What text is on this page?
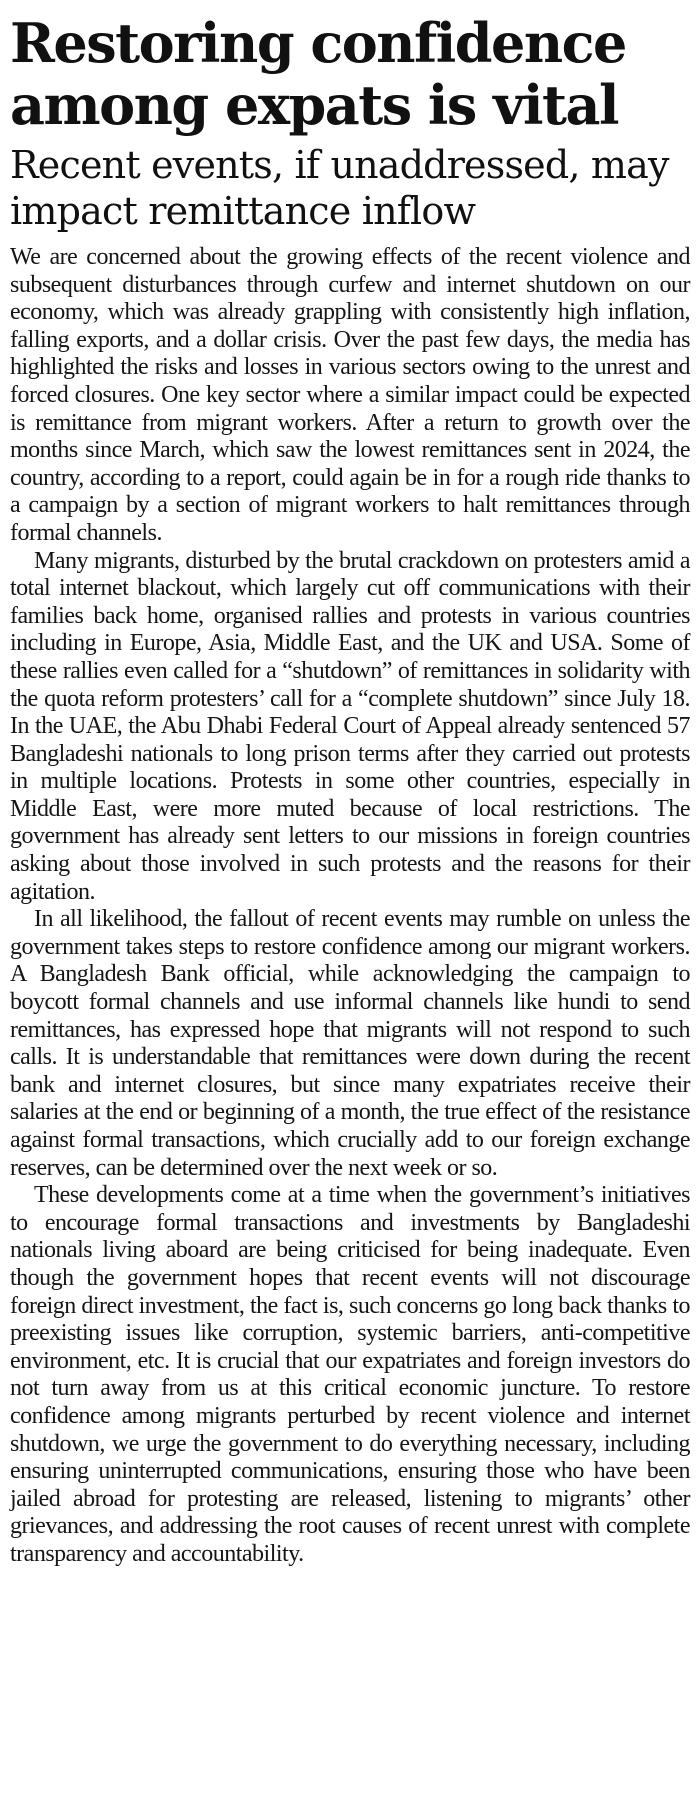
Restoring confidence
among expats is vital
Recent events, if unaddressed, may
impact remittance inflow

We are concerned about the growing effects of the recent violence and subsequent disturbances through curfew and internet shutdown on our economy, which was already grappling with consistently high inflation, falling exports, and a dollar crisis. Over the past few days, the media has highlighted the risks and losses in various sectors owing to the unrest and forced closures. One key sector where a similar impact could be expected is remittance from migrant workers. After a return to growth over the months since March, which saw the lowest remittances sent in 2024, the country, according to a report, could again be in for a rough ride thanks to a campaign by a section of migrant workers to halt remittances through formal channels.

Many migrants, disturbed by the brutal crackdown on protesters amid a total internet blackout, which largely cut off communications with their families back home, organised rallies and protests in various countries including in Europe, Asia, Middle East, and the UK and USA. Some of these rallies even called for a “shutdown” of remittances in solidarity with the quota reform protesters’ call for a “complete shutdown” since July 18. In the UAE, the Abu Dhabi Federal Court of Appeal already sentenced 57 Bangladeshi nationals to long prison terms after they carried out protests in multiple locations. Protests in some other countries, especially in Middle East, were more muted because of local restrictions. The government has already sent letters to our missions in foreign countries asking about those involved in such protests and the reasons for their agitation.

In all likelihood, the fallout of recent events may rumble on unless the government takes steps to restore confidence among our migrant workers. A Bangladesh Bank official, while acknowledging the campaign to boycott formal channels and use informal channels like hundi to send remittances, has expressed hope that migrants will not respond to such calls. It is understandable that remittances were down during the recent bank and internet closures, but since many expatriates receive their salaries at the end or beginning of a month, the true effect of the resistance against formal transactions, which crucially add to our foreign exchange reserves, can be determined over the next week or so.

These developments come at a time when the government’s initiatives to encourage formal transactions and investments by Bangladeshi nationals living aboard are being criticised for being inadequate. Even though the government hopes that recent events will not discourage foreign direct investment, the fact is, such concerns go long back thanks to preexisting issues like corruption, systemic barriers, anti-competitive environment, etc. It is crucial that our expatriates and foreign investors do not turn away from us at this critical economic juncture. To restore confidence among migrants perturbed by recent violence and internet shutdown, we urge the government to do everything necessary, including ensuring uninterrupted communications, ensuring those who have been jailed abroad for protesting are released, listening to migrants’ other grievances, and addressing the root causes of recent unrest with complete transparency and accountability.
